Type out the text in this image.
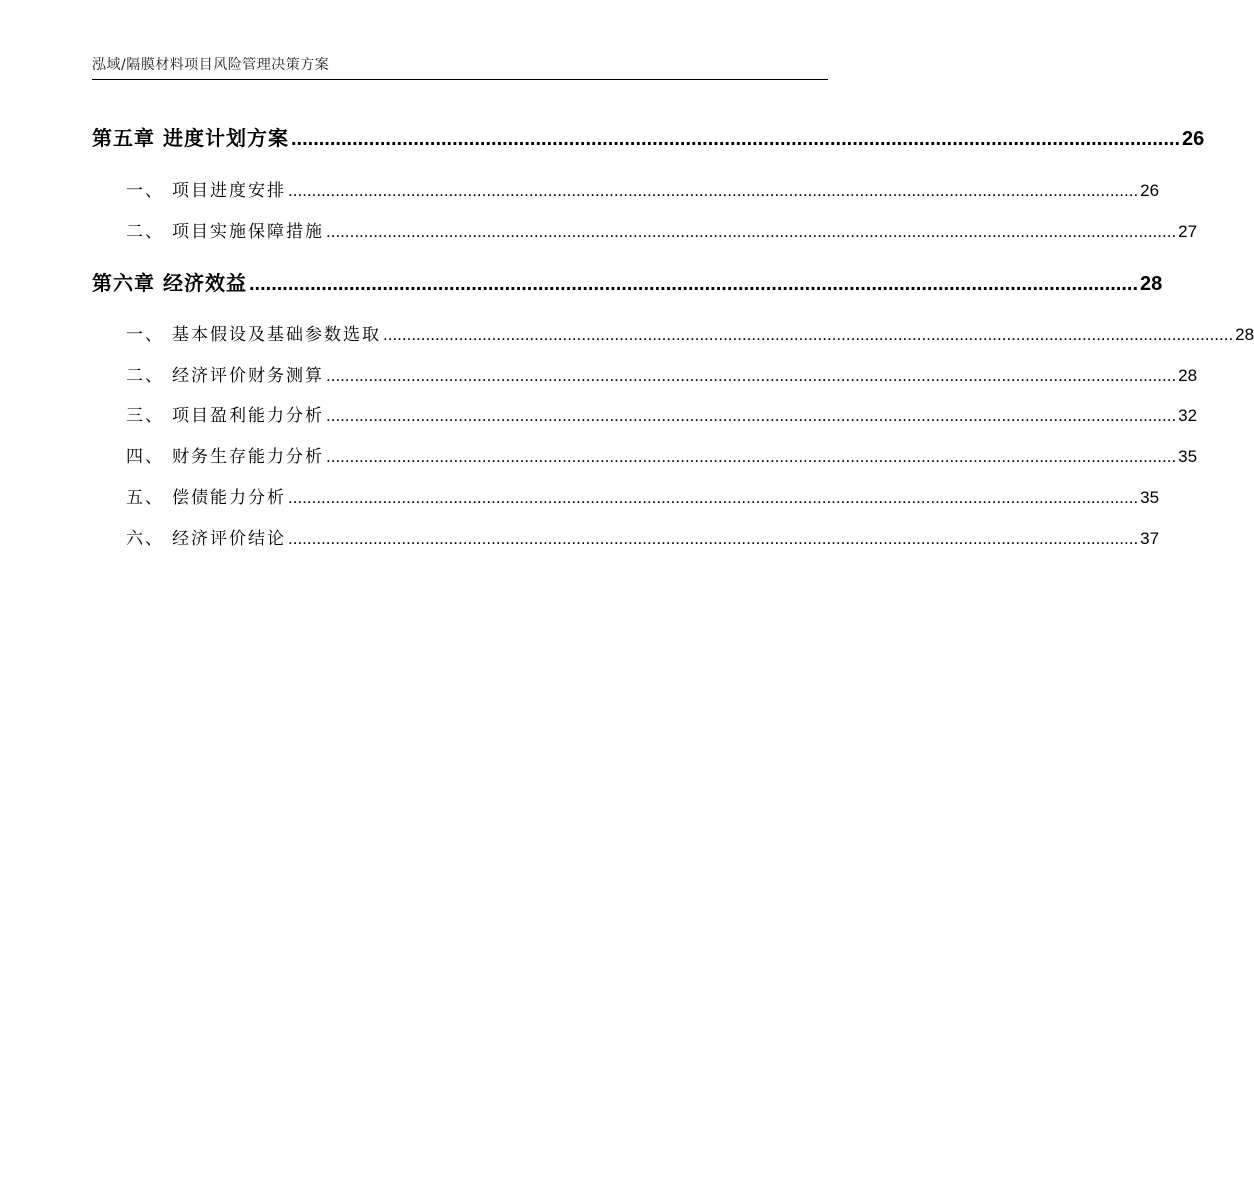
泓域/隔膜材料项目风险管理决策方案
第五章 进度计划方案 ................................................................................................................................................................ 26
一、 项目进度安排 .................................................................................................................................................................................... 26
二、 项目实施保障措施 .................................................................................................................................................................................... 27
第六章 经济效益 ................................................................................................................................................................ 28
一、 基本假设及基础参数选取 .................................................................................................................................................................................... 28
二、 经济评价财务测算 .................................................................................................................................................................................... 28
三、 项目盈利能力分析 .................................................................................................................................................................................... 32
四、 财务生存能力分析 .................................................................................................................................................................................... 35
五、 偿债能力分析 .................................................................................................................................................................................... 35
六、 经济评价结论 .................................................................................................................................................................................... 37
